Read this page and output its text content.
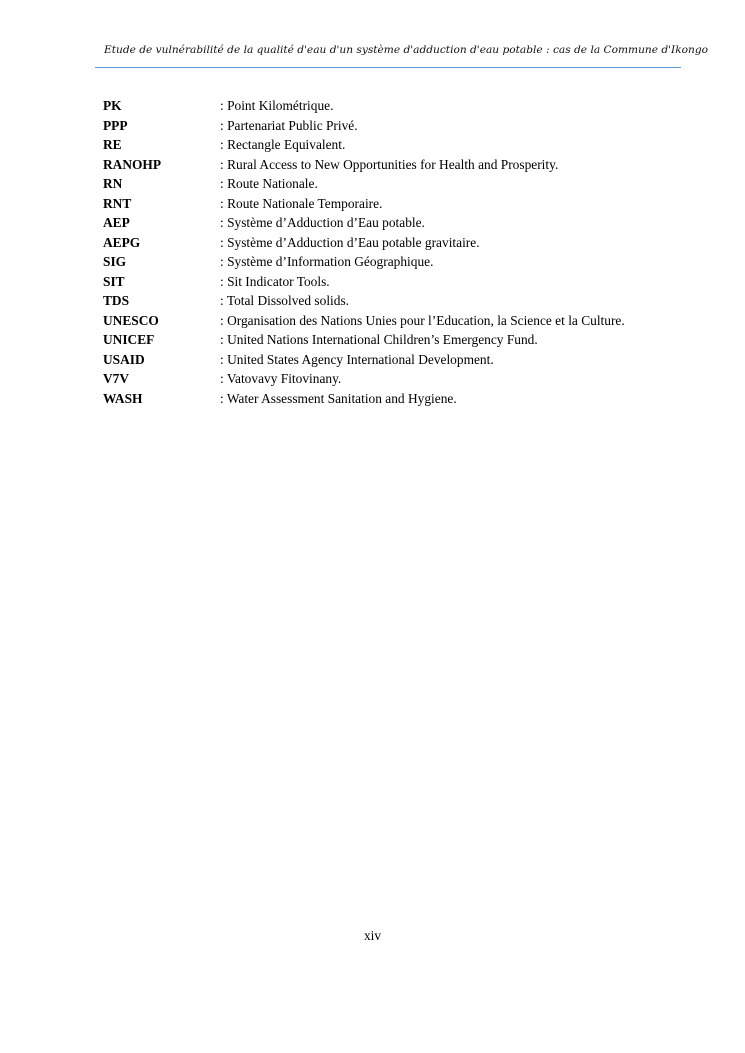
Etude de vulnérabilité de la qualité d'eau d'un système d'adduction d'eau potable : cas de la Commune d'Ikongo
PK	: Point Kilométrique.
PPP	: Partenariat Public Privé.
RE	: Rectangle Equivalent.
RANOHP	: Rural Access to New Opportunities for Health and Prosperity.
RN	: Route Nationale.
RNT	: Route Nationale Temporaire.
AEP	: Système d’Adduction d’Eau potable.
AEPG	: Système d’Adduction d’Eau potable gravitaire.
SIG	: Système d’Information Géographique.
SIT	: Sit Indicator Tools.
TDS	: Total Dissolved solids.
UNESCO	: Organisation des Nations Unies pour l’Education, la Science et la Culture.
UNICEF	: United Nations International Children’s Emergency Fund.
USAID	: United States Agency International Development.
V7V	: Vatovavy Fitovinany.
WASH	: Water Assessment Sanitation and Hygiene.
xiv
